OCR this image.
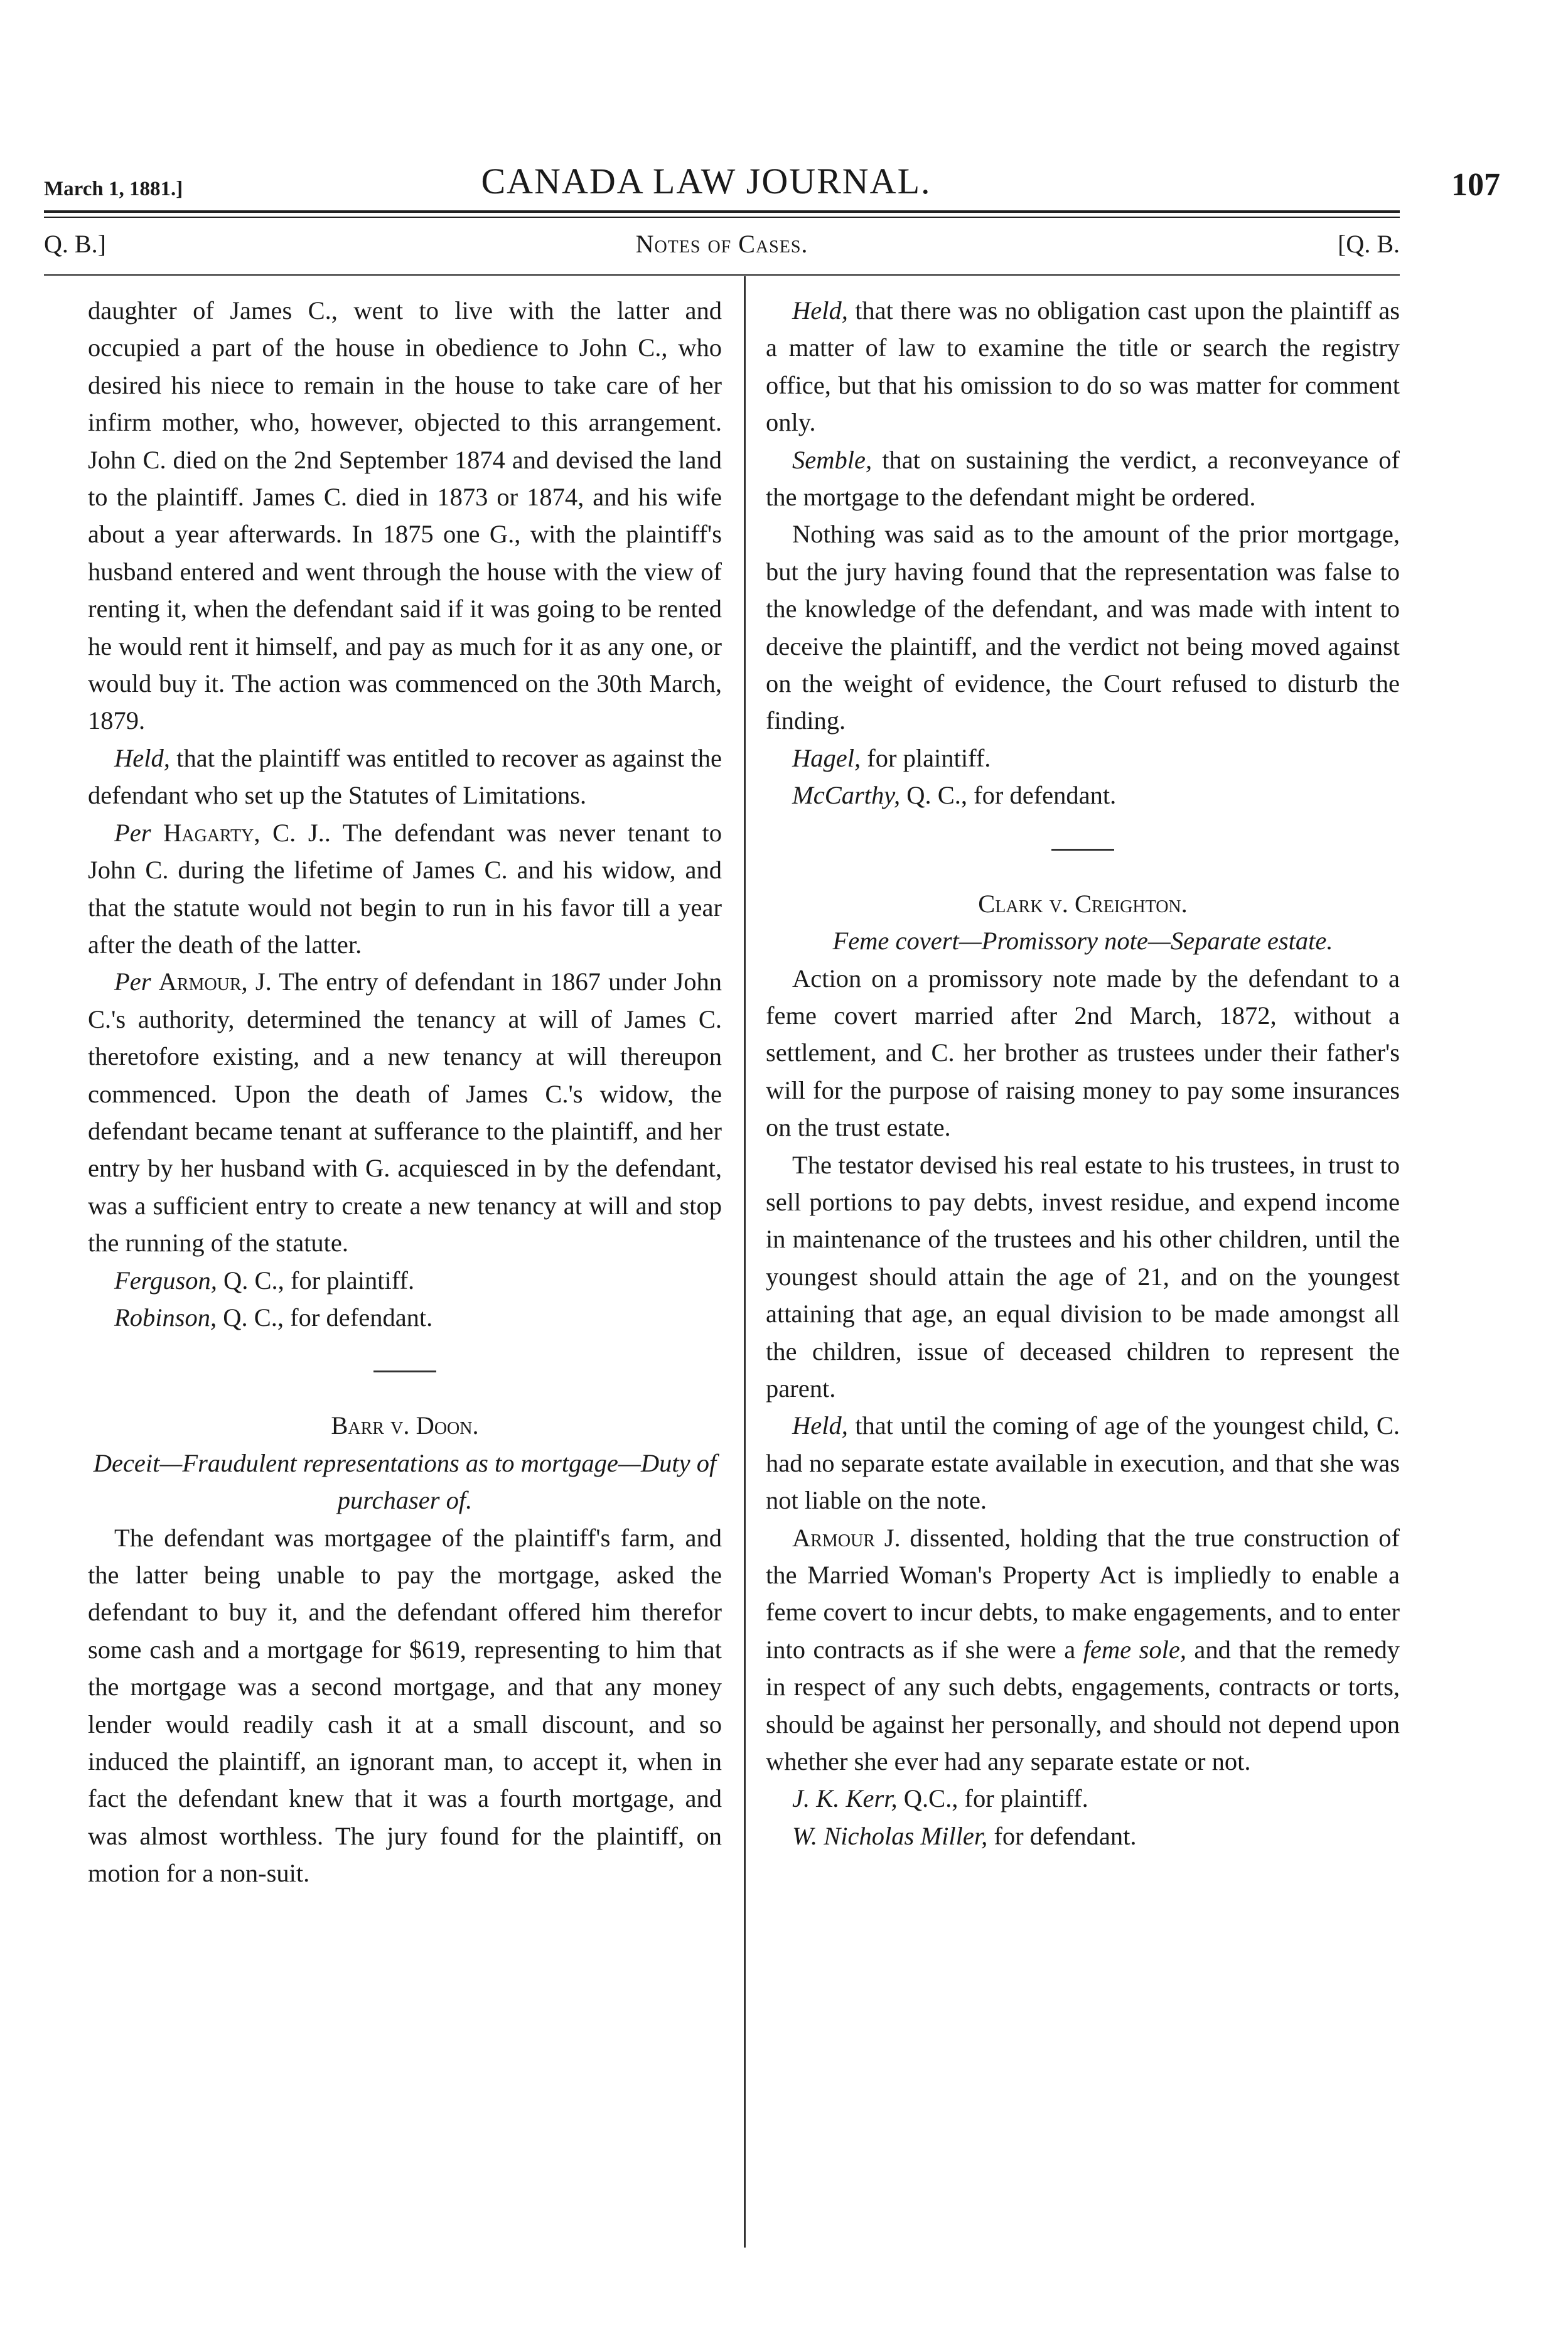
March 1, 1881.]	CANADA LAW JOURNAL.	107
Q. B.]	Notes of Cases.	[Q. B.

daughter of James C., went to live with the latter and occupied a part of the house in obedience to John C., who desired his niece to remain in the house to take care of her infirm mother, who, however, objected to this arrangement. John C. died on the 2nd September 1874 and devised the land to the plaintiff. James C. died in 1873 or 1874, and his wife about a year afterwards. In 1875 one G., with the plaintiff's husband entered and went through the house with the view of renting it, when the defendant said if it was going to be rented he would rent it himself, and pay as much for it as any one, or would buy it. The action was commenced on the 30th March, 1879.

Held, that the plaintiff was entitled to recover as against the defendant who set up the Statutes of Limitations.

Per Hagarty, C. J.. The defendant was never tenant to John C. during the lifetime of James C. and his widow, and that the statute would not begin to run in his favor till a year after the death of the latter.

Per Armour, J. The entry of defendant in 1867 under John C.'s authority, determined the tenancy at will of James C. theretofore existing, and a new tenancy at will thereupon commenced. Upon the death of James C.'s widow, the defendant became tenant at sufferance to the plaintiff, and her entry by her husband with G. acquiesced in by the defendant, was a sufficient entry to create a new tenancy at will and stop the running of the statute.

Ferguson, Q. C., for plaintiff.

Robinson, Q. C., for defendant.

Barr v. Doon.

Deceit—Fraudulent representations as to mortgage—Duty of purchaser of.

The defendant was mortgagee of the plaintiff's farm, and the latter being unable to pay the mortgage, asked the defendant to buy it, and the defendant offered him therefor some cash and a mortgage for $619, representing to him that the mortgage was a second mortgage, and that any money lender would readily cash it at a small discount, and so induced the plaintiff, an ignorant man, to accept it, when in fact the defendant knew that it was a fourth mortgage, and was almost worthless. The jury found for the plaintiff, on motion for a non-suit.

Held, that there was no obligation cast upon the plaintiff as a matter of law to examine the title or search the registry office, but that his omission to do so was matter for comment only.

Semble, that on sustaining the verdict, a reconveyance of the mortgage to the defendant might be ordered.

Nothing was said as to the amount of the prior mortgage, but the jury having found that the representation was false to the knowledge of the defendant, and was made with intent to deceive the plaintiff, and the verdict not being moved against on the weight of evidence, the Court refused to disturb the finding.

Hagel, for plaintiff.

McCarthy, Q. C., for defendant.

Clark v. Creighton.

Feme covert—Promissory note—Separate estate.

Action on a promissory note made by the defendant to a feme covert married after 2nd March, 1872, without a settlement, and C. her brother as trustees under their father's will for the purpose of raising money to pay some insurances on the trust estate.

The testator devised his real estate to his trustees, in trust to sell portions to pay debts, invest residue, and expend income in maintenance of the trustees and his other children, until the youngest should attain the age of 21, and on the youngest attaining that age, an equal division to be made amongst all the children, issue of deceased children to represent the parent.

Held, that until the coming of age of the youngest child, C. had no separate estate available in execution, and that she was not liable on the note.

Armour J. dissented, holding that the true construction of the Married Woman's Property Act is impliedly to enable a feme covert to incur debts, to make engagements, and to enter into contracts as if she were a feme sole, and that the remedy in respect of any such debts, engagements, contracts or torts, should be against her personally, and should not depend upon whether she ever had any separate estate or not.

J. K. Kerr, Q.C., for plaintiff.

W. Nicholas Miller, for defendant.
